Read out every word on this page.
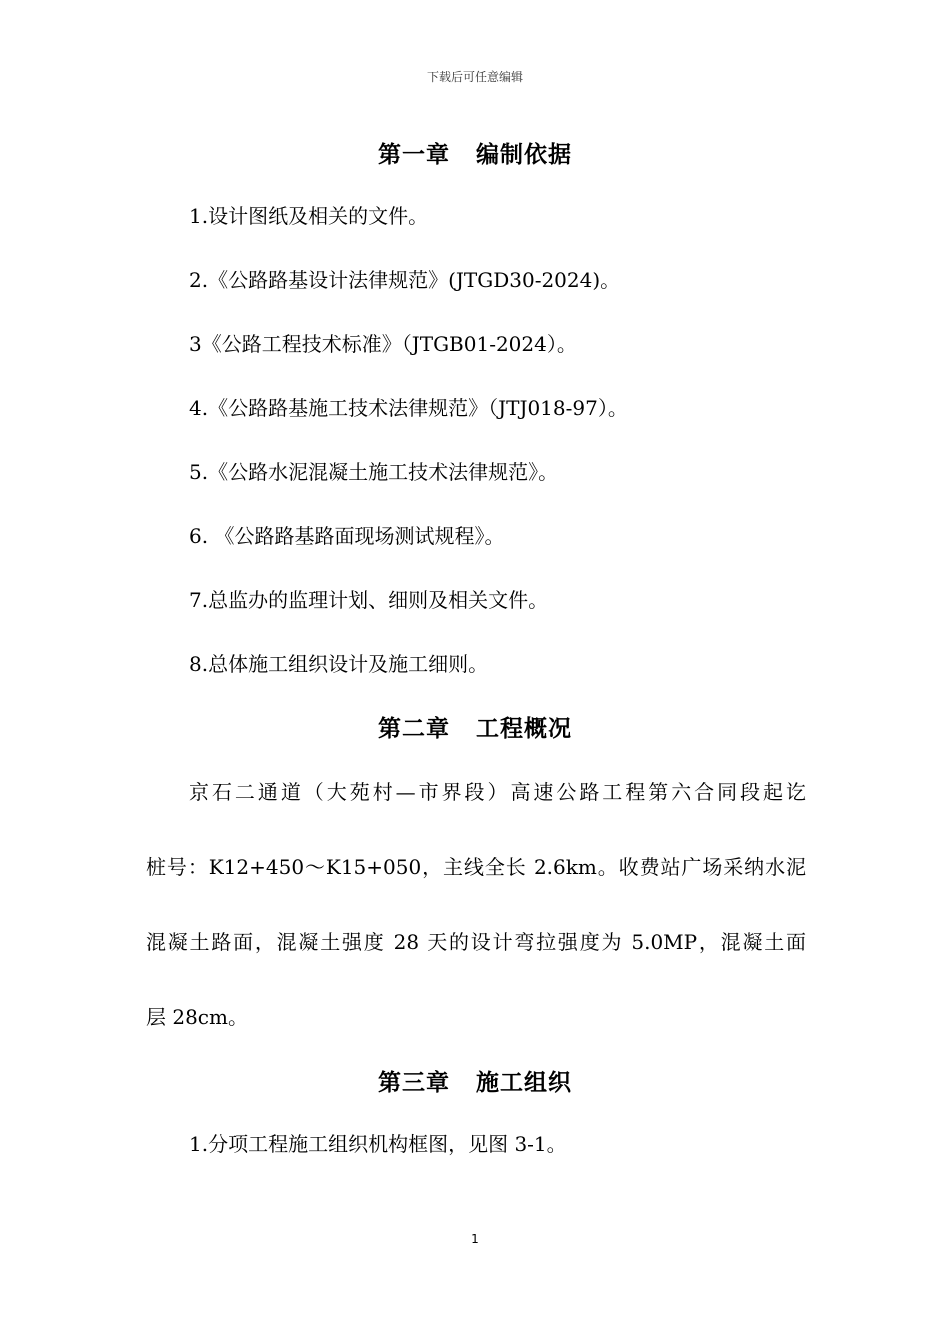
下载后可任意编辑
第一章 编制依据
1.设计图纸及相关的文件。
2.《公路路基设计法律规范》(JTGD30-2024)。
3《公路工程技术标准》（JTGB01-2024）。
4.《公路路基施工技术法律规范》（JTJ018-97）。
5.《公路水泥混凝土施工技术法律规范》。
6. 《公路路基路面现场测试规程》。
7.总监办的监理计划、细则及相关文件。
8.总体施工组织设计及施工细则。
第二章 工程概况
京石二通道（大苑村—市界段）高速公路工程第六合同段起讫
桩号：K12+450～K15+050，主线全长 2.6km。收费站广场采纳水泥
混凝土路面，混凝土强度 28 天的设计弯拉强度为 5.0MP，混凝土面
层 28cm。
第三章 施工组织
1.分项工程施工组织机构框图，见图 3-1。
1
